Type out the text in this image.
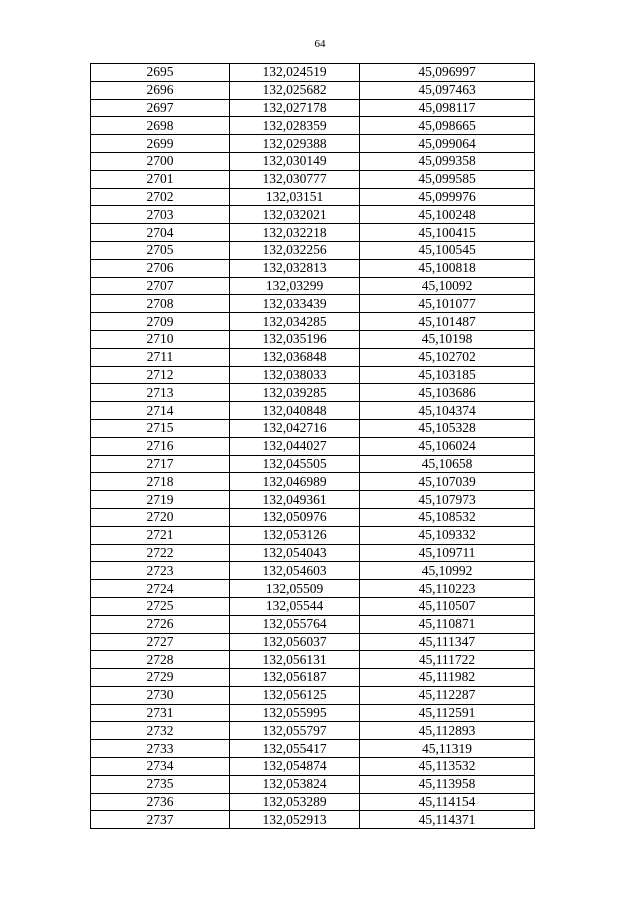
64
2695	132,024519	45,096997
2696	132,025682	45,097463
2697	132,027178	45,098117
2698	132,028359	45,098665
2699	132,029388	45,099064
2700	132,030149	45,099358
2701	132,030777	45,099585
2702	132,03151	45,099976
2703	132,032021	45,100248
2704	132,032218	45,100415
2705	132,032256	45,100545
2706	132,032813	45,100818
2707	132,03299	45,10092
2708	132,033439	45,101077
2709	132,034285	45,101487
2710	132,035196	45,10198
2711	132,036848	45,102702
2712	132,038033	45,103185
2713	132,039285	45,103686
2714	132,040848	45,104374
2715	132,042716	45,105328
2716	132,044027	45,106024
2717	132,045505	45,10658
2718	132,046989	45,107039
2719	132,049361	45,107973
2720	132,050976	45,108532
2721	132,053126	45,109332
2722	132,054043	45,109711
2723	132,054603	45,10992
2724	132,05509	45,110223
2725	132,05544	45,110507
2726	132,055764	45,110871
2727	132,056037	45,111347
2728	132,056131	45,111722
2729	132,056187	45,111982
2730	132,056125	45,112287
2731	132,055995	45,112591
2732	132,055797	45,112893
2733	132,055417	45,11319
2734	132,054874	45,113532
2735	132,053824	45,113958
2736	132,053289	45,114154
2737	132,052913	45,114371
